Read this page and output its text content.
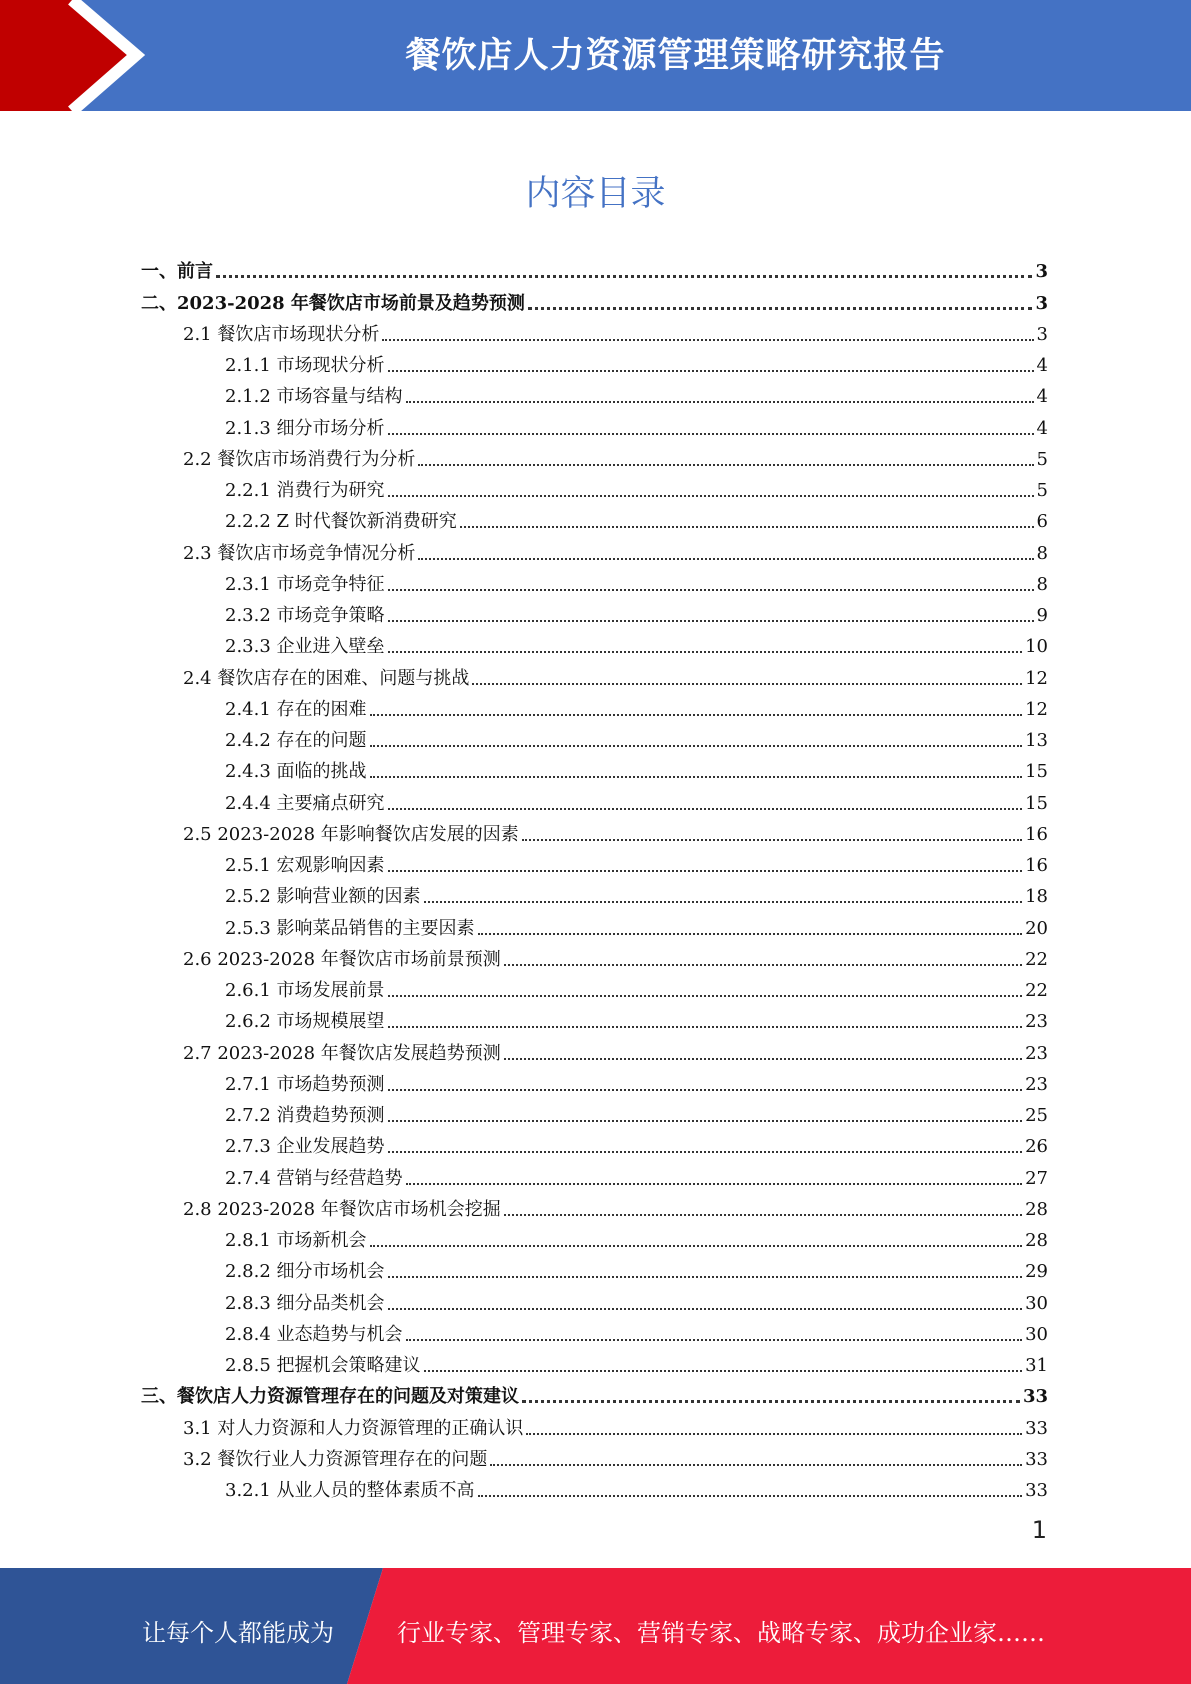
餐饮店人力资源管理策略研究报告
内容目录
一、前言	3
二、2023-2028 年餐饮店市场前景及趋势预测	3
2.1 餐饮店市场现状分析	3
2.1.1 市场现状分析	4
2.1.2 市场容量与结构	4
2.1.3 细分市场分析	4
2.2 餐饮店市场消费行为分析	5
2.2.1 消费行为研究	5
2.2.2 Z 时代餐饮新消费研究	6
2.3 餐饮店市场竞争情况分析	8
2.3.1 市场竞争特征	8
2.3.2 市场竞争策略	9
2.3.3 企业进入壁垒	10
2.4 餐饮店存在的困难、问题与挑战	12
2.4.1 存在的困难	12
2.4.2 存在的问题	13
2.4.3 面临的挑战	15
2.4.4 主要痛点研究	15
2.5 2023-2028 年影响餐饮店发展的因素	16
2.5.1 宏观影响因素	16
2.5.2 影响营业额的因素	18
2.5.3 影响菜品销售的主要因素	20
2.6 2023-2028 年餐饮店市场前景预测	22
2.6.1 市场发展前景	22
2.6.2 市场规模展望	23
2.7 2023-2028 年餐饮店发展趋势预测	23
2.7.1 市场趋势预测	23
2.7.2 消费趋势预测	25
2.7.3 企业发展趋势	26
2.7.4 营销与经营趋势	27
2.8 2023-2028 年餐饮店市场机会挖掘	28
2.8.1 市场新机会	28
2.8.2 细分市场机会	29
2.8.3 细分品类机会	30
2.8.4 业态趋势与机会	30
2.8.5 把握机会策略建议	31
三、餐饮店人力资源管理存在的问题及对策建议	33
3.1 对人力资源和人力资源管理的正确认识	33
3.2 餐饮行业人力资源管理存在的问题	33
3.2.1 从业人员的整体素质不高	33
1
让每个人都能成为	行业专家、管理专家、营销专家、战略专家、成功企业家……
